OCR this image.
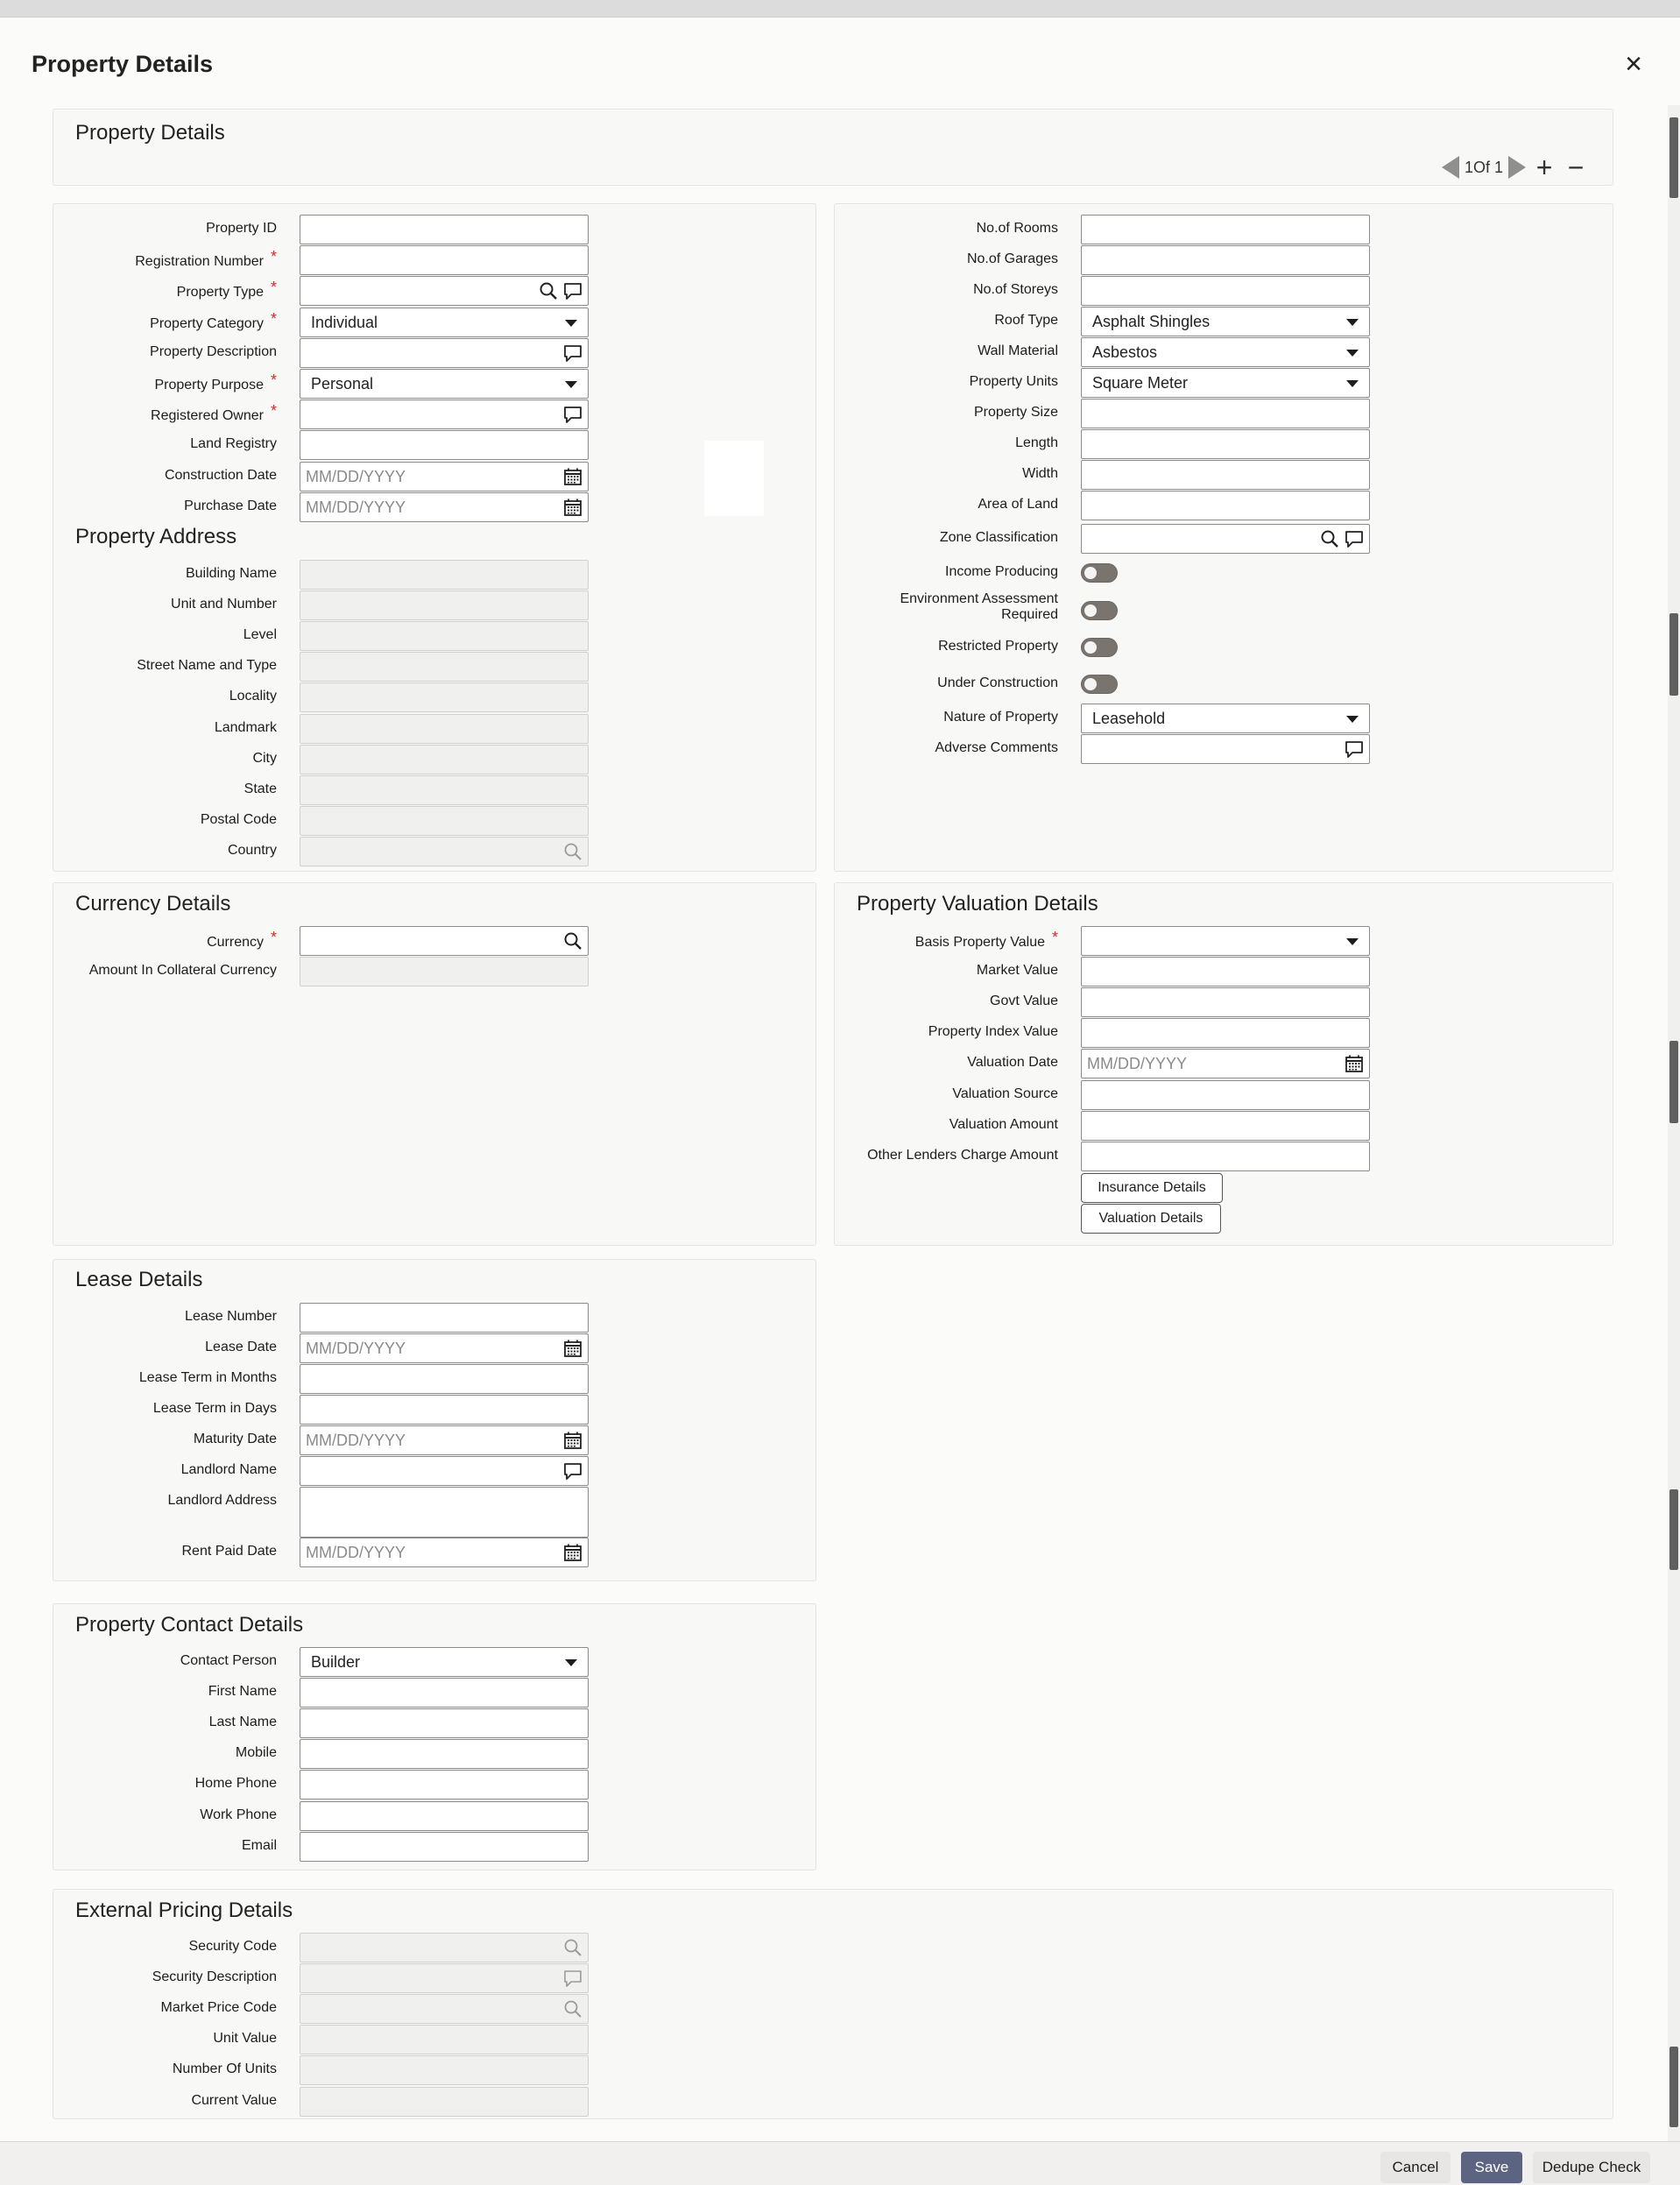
Property Details	×
Property Details
1Of 1 + −
Property ID
Registration Number *
Property Type *
Property Category *	Individual
Property Description
Property Purpose *	Personal
Registered Owner *
Land Registry
Construction Date	MM/DD/YYYY
Purchase Date	MM/DD/YYYY
Property Address
Building Name
Unit and Number
Level
Street Name and Type
Locality
Landmark
City
State
Postal Code
Country
No.of Rooms
No.of Garages
No.of Storeys
Roof Type	Asphalt Shingles
Wall Material	Asbestos
Property Units	Square Meter
Property Size
Length
Width
Area of Land
Zone Classification
Income Producing
Environment Assessment
Required
Restricted Property
Under Construction
Nature of Property	Leasehold
Adverse Comments
Currency Details
Currency *
Amount In Collateral Currency
Property Valuation Details
Basis Property Value *
Market Value
Govt Value
Property Index Value
Valuation Date	MM/DD/YYYY
Valuation Source
Valuation Amount
Other Lenders Charge Amount
Insurance Details
Valuation Details
Lease Details
Lease Number
Lease Date	MM/DD/YYYY
Lease Term in Months
Lease Term in Days
Maturity Date	MM/DD/YYYY
Landlord Name
Landlord Address
Rent Paid Date	MM/DD/YYYY
Property Contact Details
Contact Person	Builder
First Name
Last Name
Mobile
Home Phone
Work Phone
Email
External Pricing Details
Security Code
Security Description
Market Price Code
Unit Value
Number Of Units
Current Value
Cancel	Save	Dedupe Check
